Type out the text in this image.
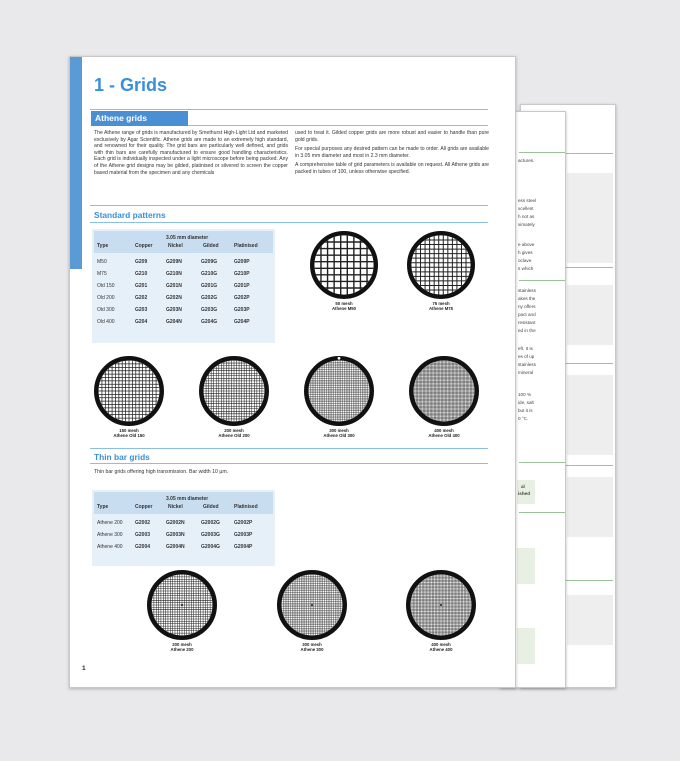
actures.
ess steel
xcellent
h not as
ximately
e above
h gives
oclave.
s which
stainless
akes the
ny offers
pact and
resistant
ed in the
eft. It is
es of up
stainless
mineral
100 %
ide, salt
but it is
0 °C.
al
ished
1 - Grids
Athene grids

The Athene range of grids is manufactured by Smethurst High-Light Ltd and marketed exclusively by Agar Scientific. Athene grids are made to an extremely high standard, and renowned for their quality. The grid bars are particularly well defined, and grids with thin bars are carefully manufactured to ensure good handling characteristics. Each grid is individually inspected under a light microscope before being packed. Any of the Athene grid designs may be gilded, platinised or silvered to screen the copper based material from the specimen and any chemicals

used to treat it. Gilded copper grids are more robust and easier to handle than pure gold grids.

For special purposes any desired pattern can be made to order. All grids are available in 3.05 mm diameter and most in 2.3 mm diameter.

A comprehensive table of grid parameters is available on request. All Athene grids are packed in tubes of 100, unless otherwise specified.

Standard patterns
3.05 mm diameter
Type	Copper	Nickel	Gilded	Platinised
M50	G209	G209N	G209G	G209P
M75	G210	G210N	G210G	G210P
Old 150	G201	G201N	G201G	G201P
Old 200	G202	G202N	G202G	G202P
Old 300	G203	G203N	G203G	G203P
Old 400	G204	G204N	G204G	G204P
Thin bar grids
Thin bar grids offering high transmission. Bar width 10 µm.
3.05 mm diameter
Type	Copper	Nickel	Gilded	Platinised
Athene 200 G2002	G2002N	G2002G	G2002P
Athene 300 G2003	G2003N	G2003G	G2003P
Athene 400 G2004	G2004N	G2004G	G2004P
50 mesh
Athene M50
75 mesh
Athene M75
150 mesh
Athene Old 150
200 mesh
Athene Old 200
300 mesh
Athene Old 300
400 mesh
Athene Old 400
200 mesh
Athene 200
300 mesh
Athene 300
400 mesh
Athene 400
1
